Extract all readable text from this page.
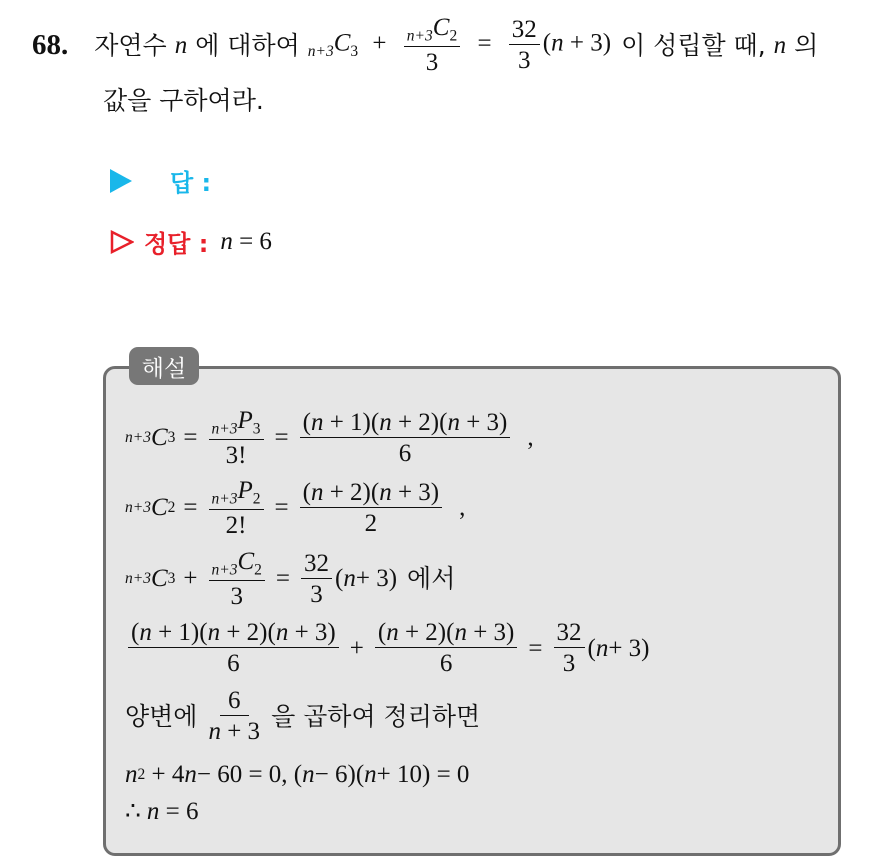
68. 자연수 n 에 대하여 $_{n+3}C_3 + \frac{_{n+3}C_2}{3} = \frac{32}{3} (n + 3)$ 이 성립할 때, n 의
값을 구하여라.
답 :
정답 : n = 6
해설
n+3 C $3 = \frac{_{n+3}P_3}{3!} = \frac{(n + 1)(n + 2)(n + 3)}{6}$ ,
n+3 C $2 = \frac{_{n+3}P_2}{2!} = \frac{(n + 2)(n + 3)}{2}$ ,
n+3 C $3 + \frac{_{n+3}C_2}{3} = \frac{32}{3}$ ( n + 3) 에서
$\frac{(n + 1)(n + 2)(n + 3)}{6} + \frac{(n + 2)(n + 3)}{6} = \frac{32}{3}$ ( n + 3)
양변에 $\frac{6}{n + 3}$ 을 곱하여 정리하면
n 2 + 4 n − 60 = 0, ( n − 6)( n + 10) = 0
∴ n = 6
